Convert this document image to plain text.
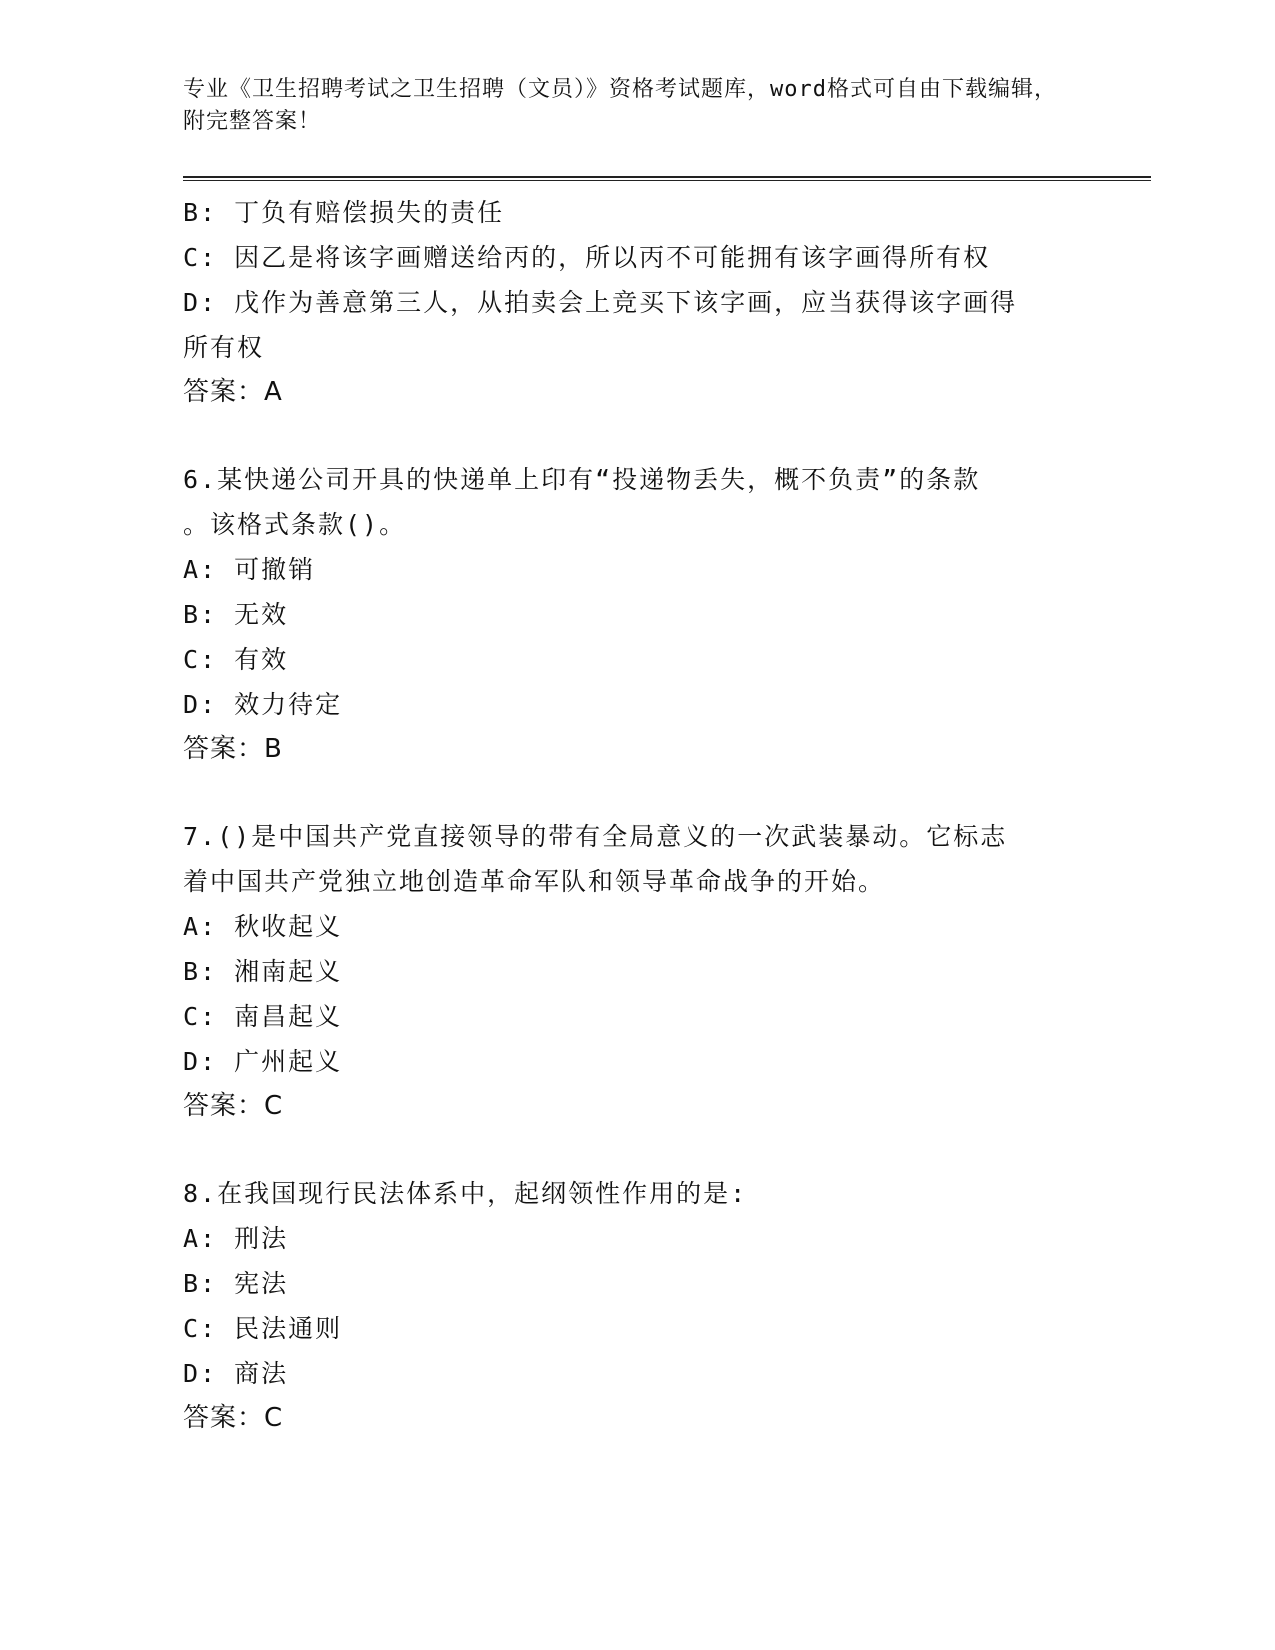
专业《卫生招聘考试之卫生招聘（文员）》资格考试题库，word格式可自由下载编辑，附完整答案！
B: 丁负有赔偿损失的责任
C: 因乙是将该字画赠送给丙的，所以丙不可能拥有该字画得所有权
D: 戊作为善意第三人，从拍卖会上竞买下该字画，应当获得该字画得
所有权
答案：A
6.某快递公司开具的快递单上印有“投递物丢失，概不负责”的条款
。该格式条款()。
A: 可撤销
B: 无效
C: 有效
D: 效力待定
答案：B
7.()是中国共产党直接领导的带有全局意义的一次武装暴动。它标志
着中国共产党独立地创造革命军队和领导革命战争的开始。
A: 秋收起义
B: 湘南起义
C: 南昌起义
D: 广州起义
答案：C
8.在我国现行民法体系中，起纲领性作用的是:
A: 刑法
B: 宪法
C: 民法通则
D: 商法
答案：C
